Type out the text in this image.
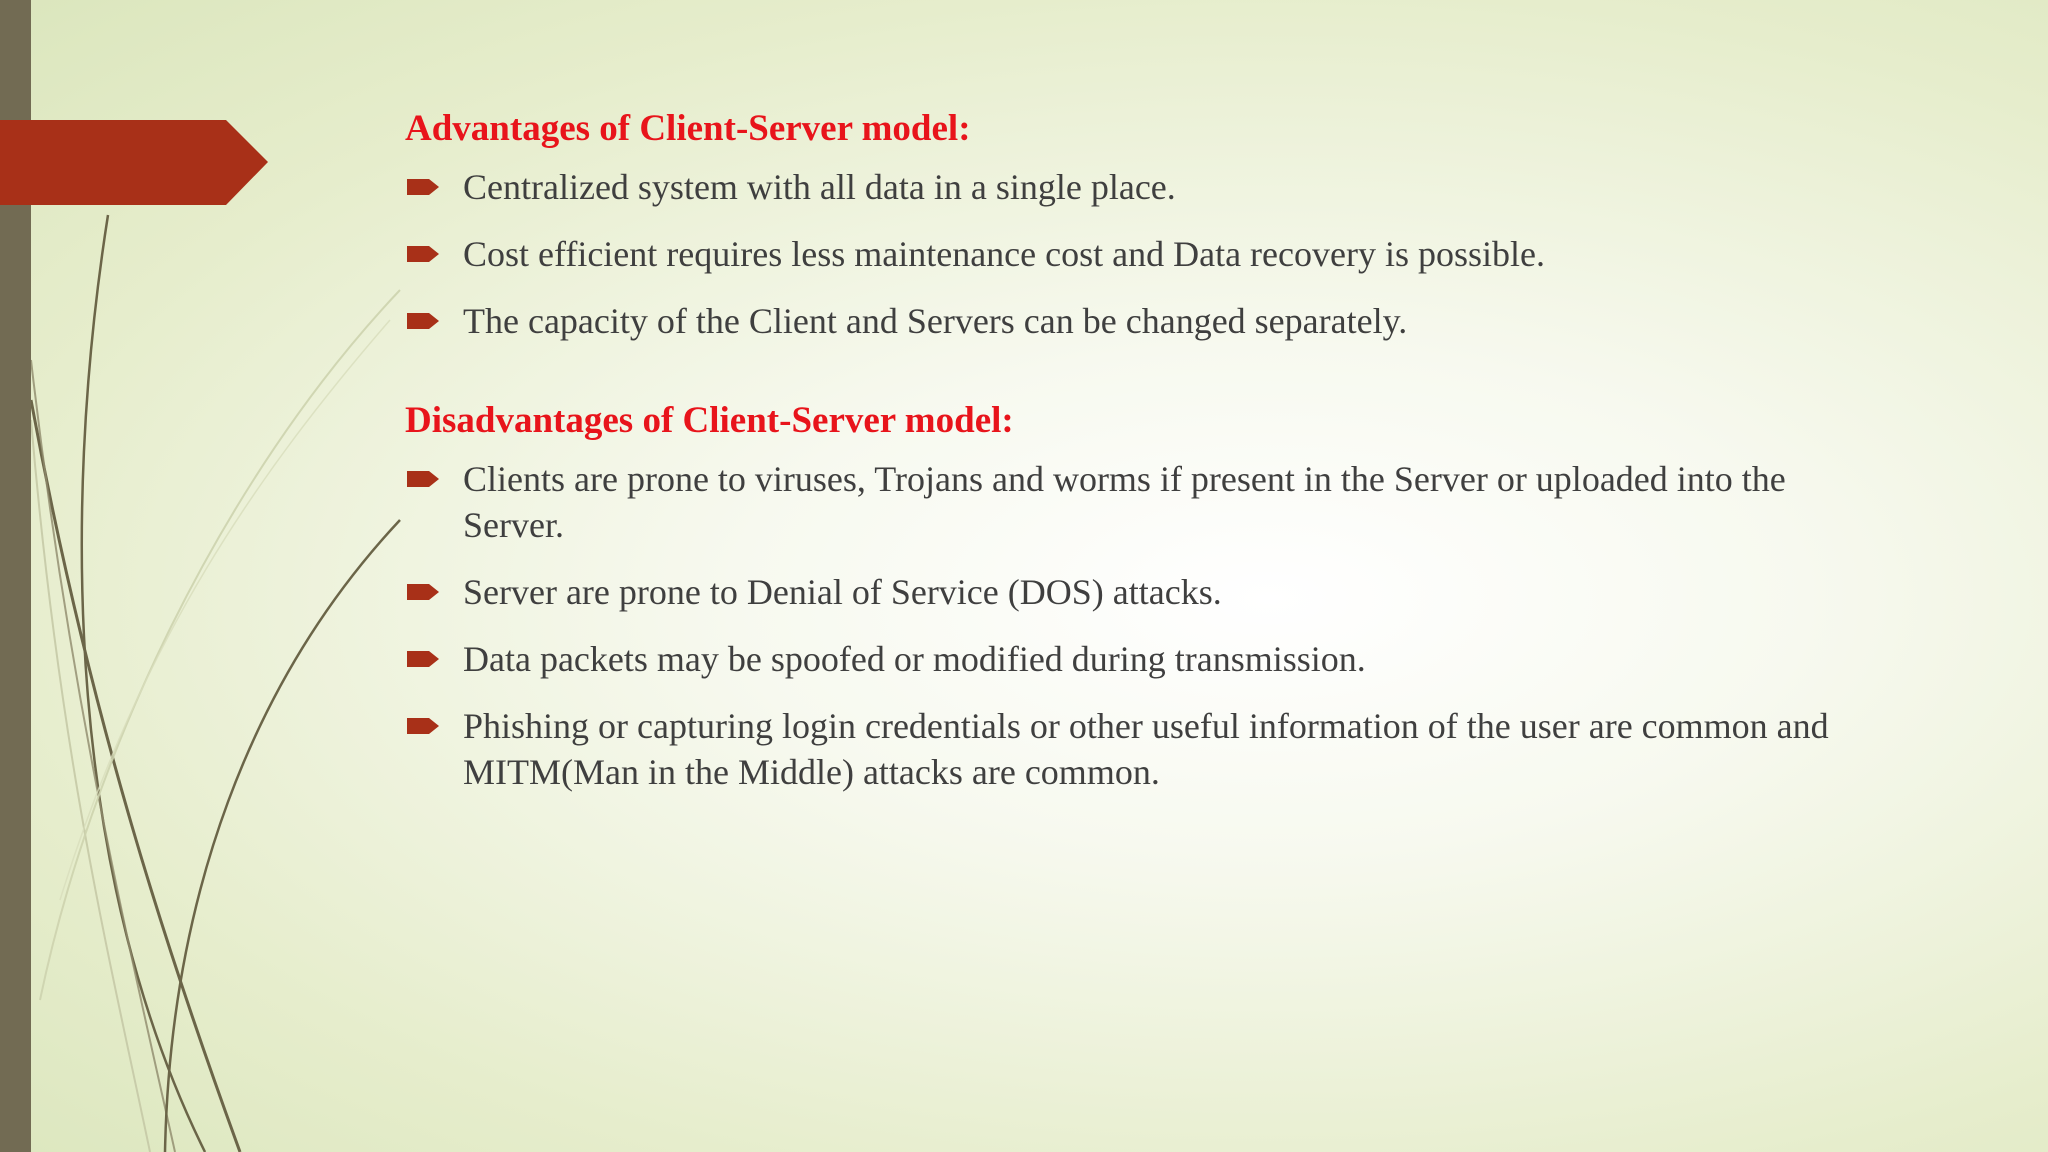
Advantages of Client-Server model:
Centralized system with all data in a single place.
Cost efficient requires less maintenance cost and Data recovery is possible.
The capacity of the Client and Servers can be changed separately.
Disadvantages of Client-Server model:
Clients are prone to viruses, Trojans and worms if present in the Server or uploaded into the Server.
Server are prone to Denial of Service (DOS) attacks.
Data packets may be spoofed or modified during transmission.
Phishing or capturing login credentials or other useful information of the user are common and MITM(Man in the Middle) attacks are common.
